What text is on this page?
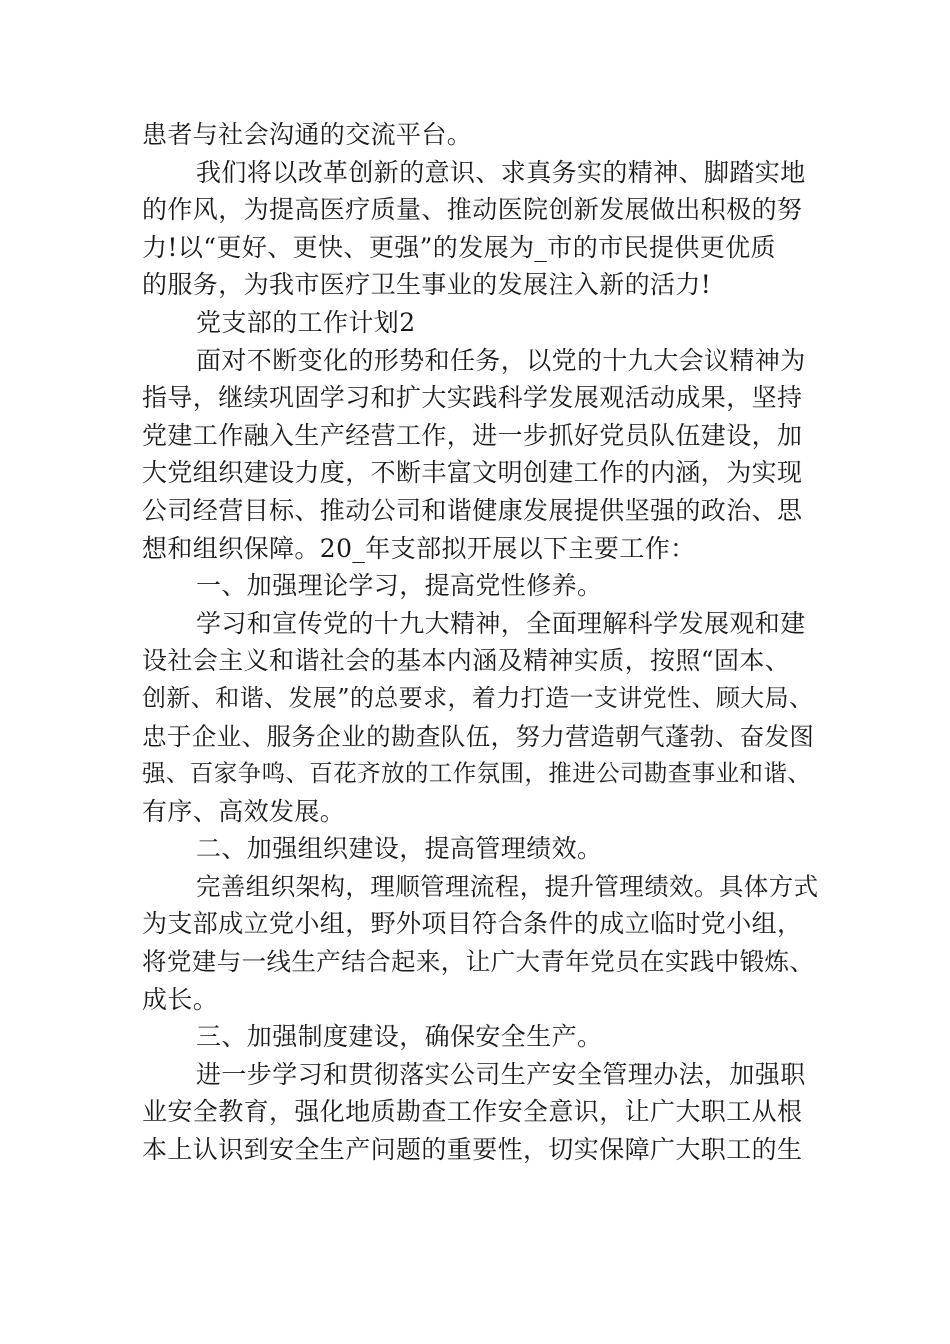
患者与社会沟通的交流平台。
我们将以改革创新的意识、求真务实的精神、脚踏实地
的作风，为提高医疗质量、推动医院创新发展做出积极的努
力!以“更好、更快、更强”的发展为_市的市民提供更优质
的服务，为我市医疗卫生事业的发展注入新的活力!
党支部的工作计划2
面对不断变化的形势和任务，以党的十九大会议精神为
指导，继续巩固学习和扩大实践科学发展观活动成果，坚持
党建工作融入生产经营工作，进一步抓好党员队伍建设，加
大党组织建设力度，不断丰富文明创建工作的内涵，为实现
公司经营目标、推动公司和谐健康发展提供坚强的政治、思
想和组织保障。20_年支部拟开展以下主要工作：
一、加强理论学习，提高党性修养。
学习和宣传党的十九大精神，全面理解科学发展观和建
设社会主义和谐社会的基本内涵及精神实质，按照“固本、
创新、和谐、发展”的总要求，着力打造一支讲党性、顾大局、
忠于企业、服务企业的勘查队伍，努力营造朝气蓬勃、奋发图
强、百家争鸣、百花齐放的工作氛围，推进公司勘查事业和谐、
有序、高效发展。
二、加强组织建设，提高管理绩效。
完善组织架构，理顺管理流程，提升管理绩效。具体方式
为支部成立党小组，野外项目符合条件的成立临时党小组，
将党建与一线生产结合起来，让广大青年党员在实践中锻炼、
成长。
三、加强制度建设，确保安全生产。
进一步学习和贯彻落实公司生产安全管理办法，加强职
业安全教育，强化地质勘查工作安全意识，让广大职工从根
本上认识到安全生产问题的重要性，切实保障广大职工的生
